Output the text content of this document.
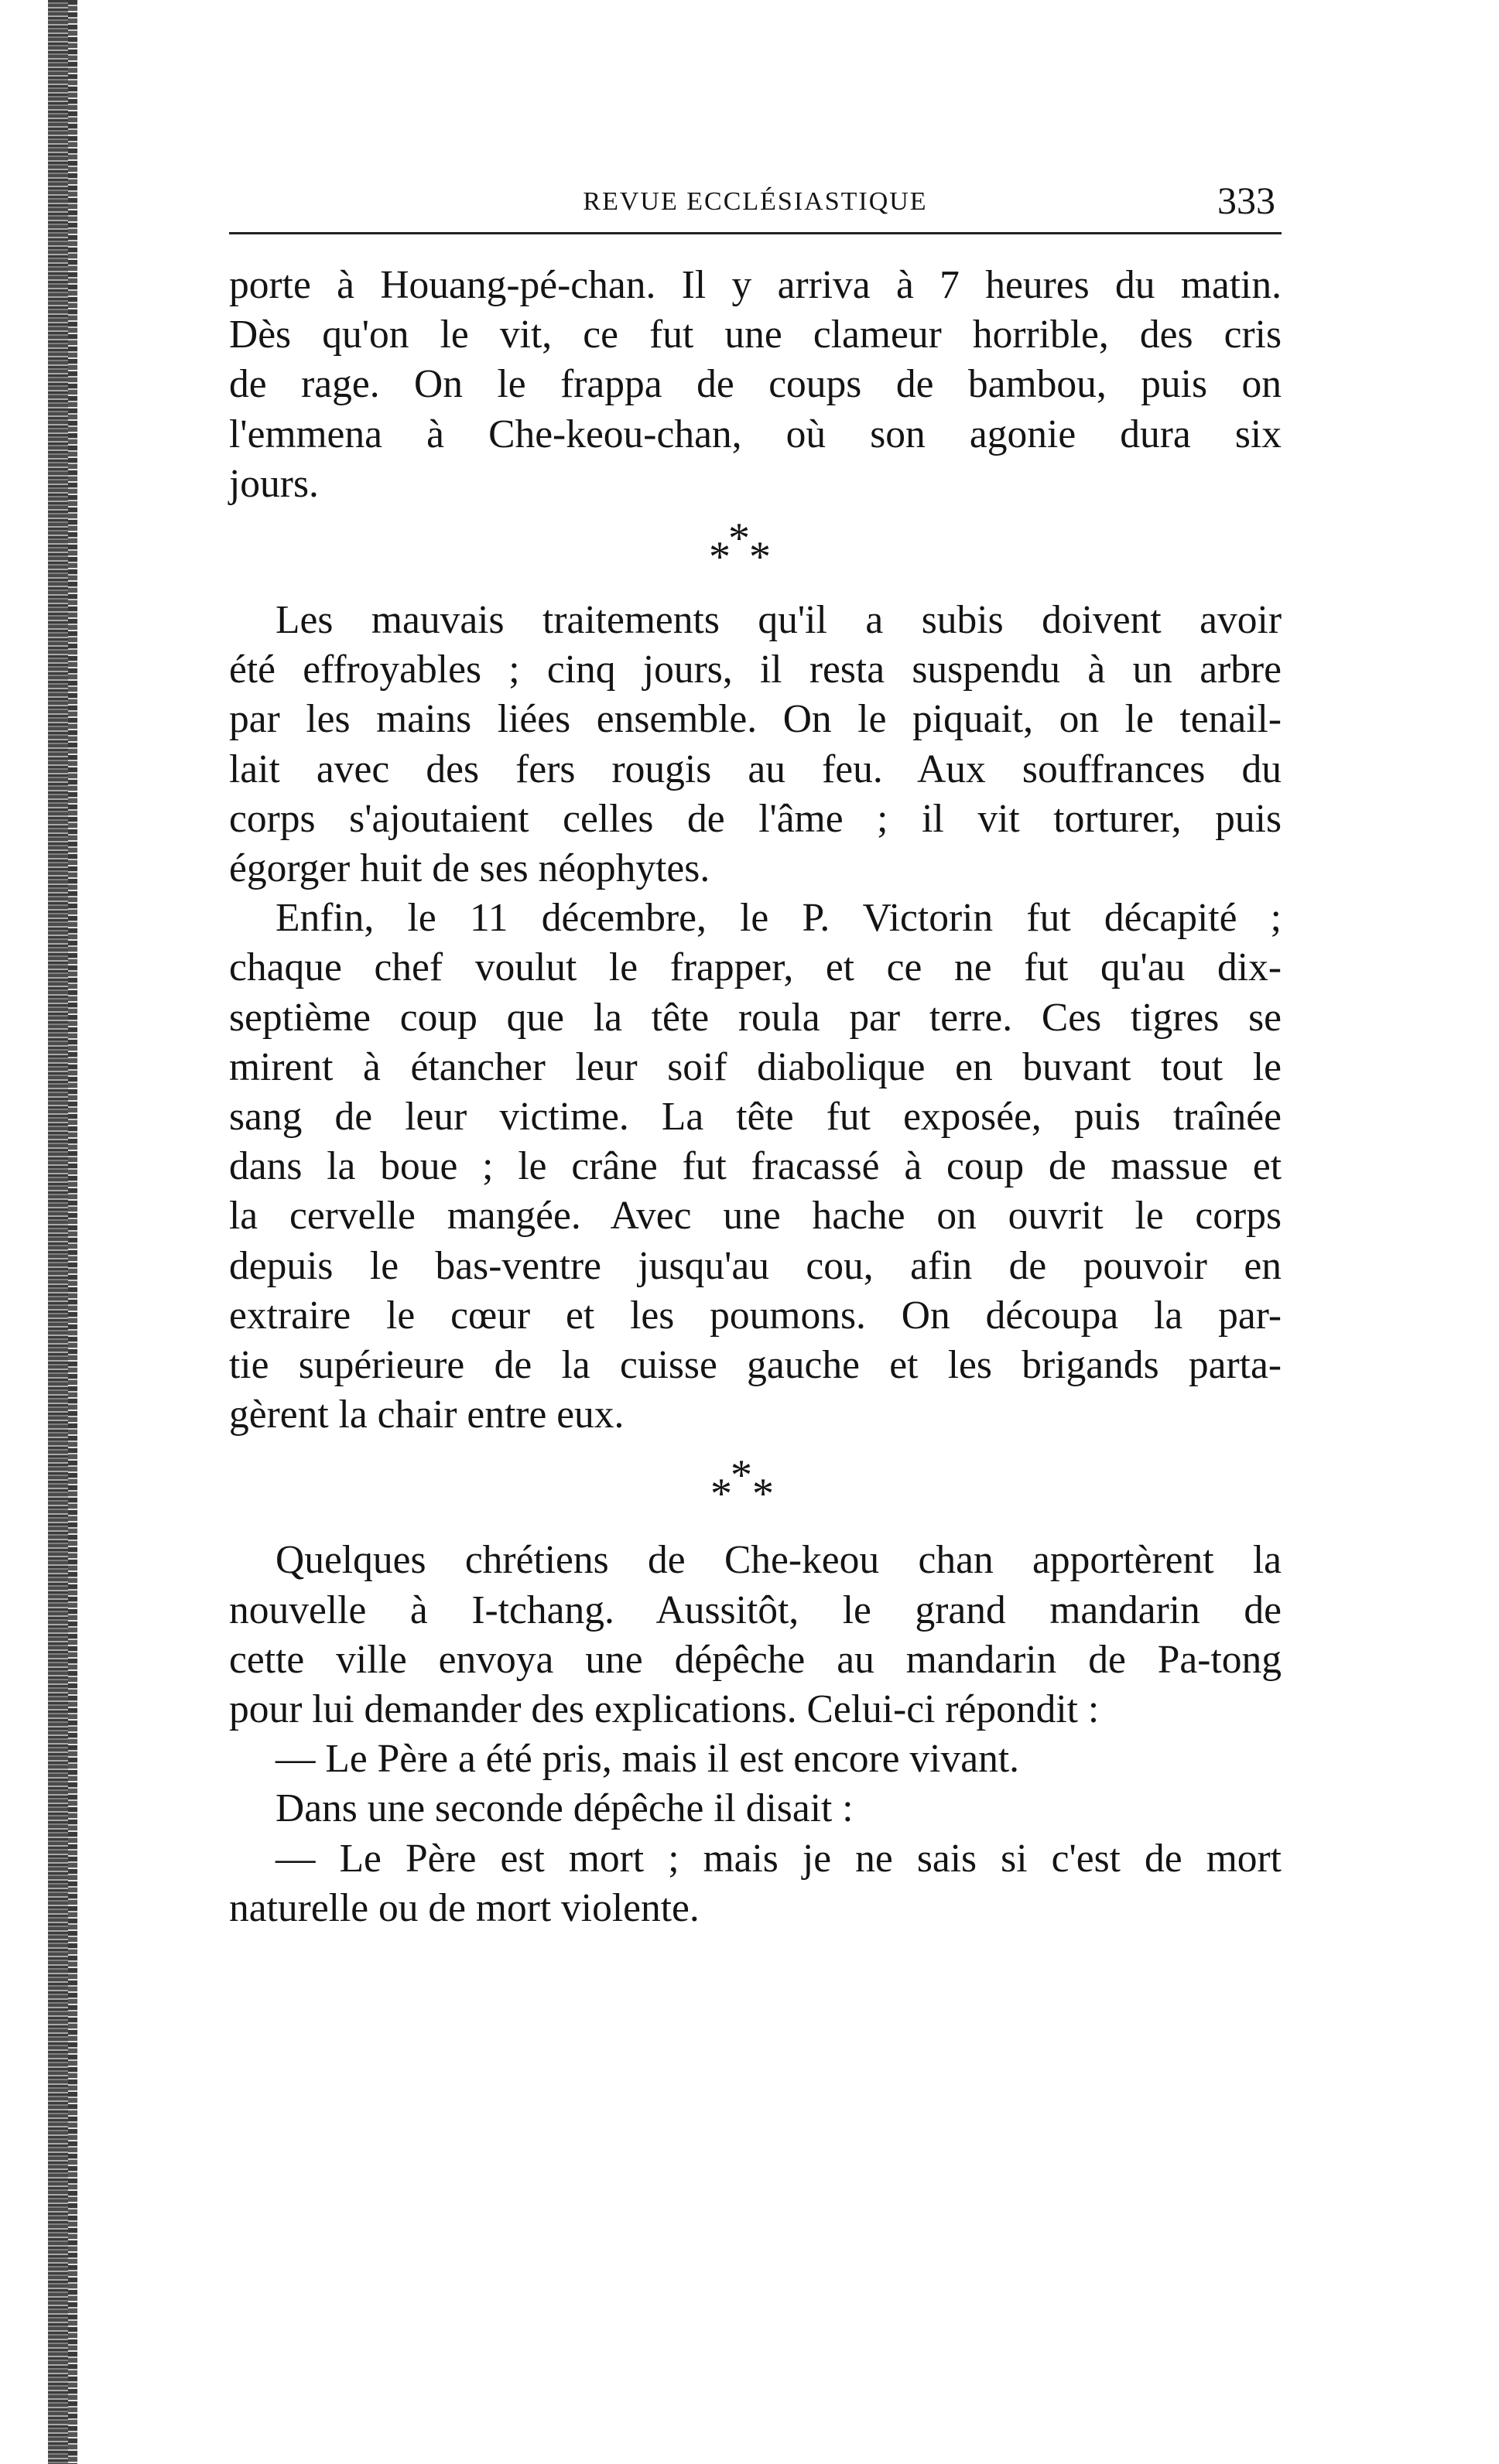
REVUE ECCLÉSIASTIQUE	333

porte à Houang-pé-chan. Il y arriva à 7 heures du matin.

Dès qu'on le vit, ce fut une clameur horrible, des cris

de rage. On le frappa de coups de bambou, puis on

l'emmena à Che-keou-chan, où son agonie dura six

jours.

*
* *

Les mauvais traitements qu'il a subis doivent avoir

été effroyables ; cinq jours, il resta suspendu à un arbre

par les mains liées ensemble. On le piquait, on le tenail-

lait avec des fers rougis au feu. Aux souffrances du

corps s'ajoutaient celles de l'âme ; il vit torturer, puis

égorger huit de ses néophytes.

Enfin, le 11 décembre, le P. Victorin fut décapité ;

chaque chef voulut le frapper, et ce ne fut qu'au dix-

septième coup que la tête roula par terre. Ces tigres se

mirent à étancher leur soif diabolique en buvant tout le

sang de leur victime. La tête fut exposée, puis traînée

dans la boue ; le crâne fut fracassé à coup de massue et

la cervelle mangée. Avec une hache on ouvrit le corps

depuis le bas-ventre jusqu'au cou, afin de pouvoir en

extraire le cœur et les poumons. On découpa la par-

tie supérieure de la cuisse gauche et les brigands parta-

gèrent la chair entre eux.

*
* *

Quelques chrétiens de Che-keou chan apportèrent la

nouvelle à I-tchang. Aussitôt, le grand mandarin de

cette ville envoya une dépêche au mandarin de Pa-tong

pour lui demander des explications. Celui-ci répondit :

— Le Père a été pris, mais il est encore vivant.

Dans une seconde dépêche il disait :

— Le Père est mort ; mais je ne sais si c'est de mort

naturelle ou de mort violente.
